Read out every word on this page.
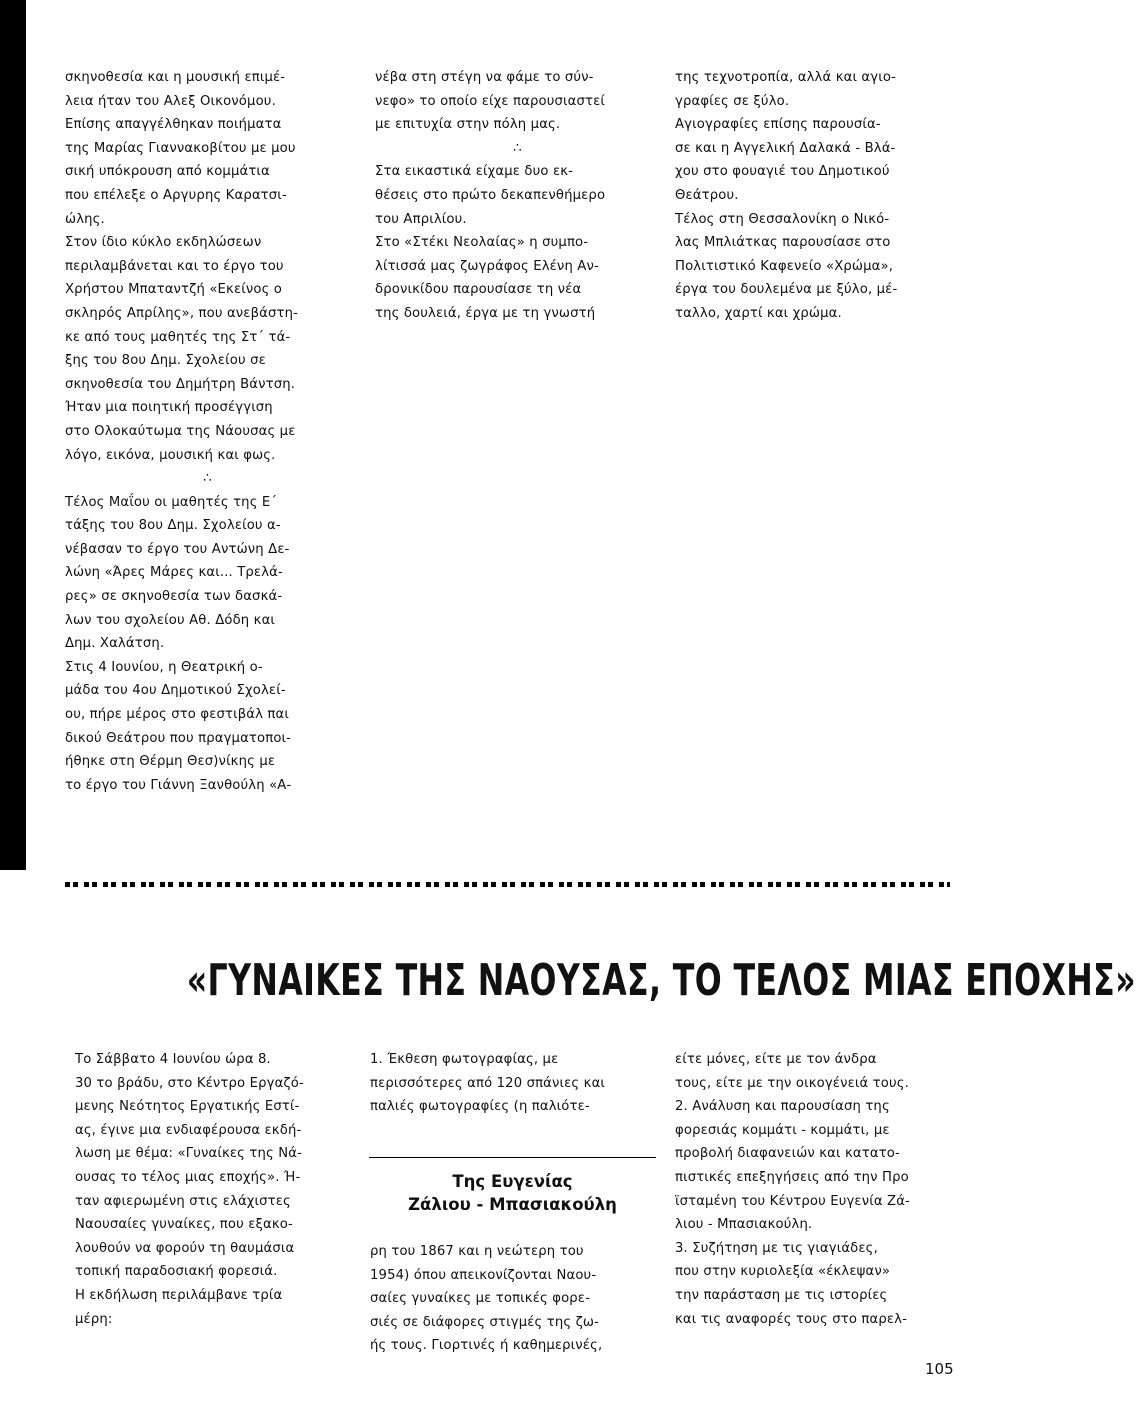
σκηνοθεσία και η μουσική επιμέ-

λεια ήταν του Αλεξ Οικονόμου.

Επίσης απαγγέλθηκαν ποιήματα

της Μαρίας Γιαννακοβίτου με μου

σική υπόκρουση από κομμάτια

που επέλεξε ο Αργυρης Καρατσι-

ώλης.

Στον ίδιο κύκλο εκδηλώσεων

περιλαμβάνεται και το έργο του

Χρήστου Μπαταντζή «Εκείνος ο

σκληρός Απρίλης», που ανεβάστη-

κε από τους μαθητές της Στ΄ τά-

ξης του 8ου Δημ. Σχολείου σε

σκηνοθεσία του Δημήτρη Βάντση.

Ήταν μια ποιητική προσέγγιση

στο Ολοκαύτωμα της Νάουσας με

λόγο, εικόνα, μουσική και φως.

∴

Τέλος Μαΐου οι μαθητές της Ε΄

τάξης του 8ου Δημ. Σχολείου α-

νέβασαν το έργο του Αντώνη Δε-

λώνη «Άρες Μάρες και... Τρελά-

ρες» σε σκηνοθεσία των δασκά-

λων του σχολείου Αθ. Δόδη και

Δημ. Χαλάτση.

Στις 4 Ιουνίου, η Θεατρική ο-

μάδα του 4ου Δημοτικού Σχολεί-

ου, πήρε μέρος στο φεστιβάλ παι

δικού Θεάτρου που πραγματοποι-

ήθηκε στη Θέρμη Θεσ)νίκης με

το έργο του Γιάννη Ξανθούλη «Α-

νέβα στη στέγη να φάμε το σύν-

νεφο» το οποίο είχε παρουσιαστεί

με επιτυχία στην πόλη μας.

∴

Στα εικαστικά είχαμε δυο εκ-

θέσεις στο πρώτο δεκαπενθήμερο

του Απριλίου.

Στο «Στέκι Νεολαίας» η συμπο-

λίτισσά μας ζωγράφος Ελένη Αν-

δρονικίδου παρουσίασε τη νέα

της δουλειά, έργα με τη γνωστή

της τεχνοτροπία, αλλά και αγιο-

γραφίες σε ξύλο.

Αγιογραφίες επίσης παρουσία-

σε και η Αγγελική Δαλακά - Βλά-

χου στο φουαγιέ του Δημοτικού

Θεάτρου.

Τέλος στη Θεσσαλονίκη ο Νικό-

λας Μπλιάτκας παρουσίασε στο

Πολιτιστικό Καφενείο «Χρώμα»,

έργα του δουλεμένα με ξύλο, μέ-

ταλλο, χαρτί και χρώμα.

«ΓΥΝΑΙΚΕΣ ΤΗΣ ΝΑΟΥΣΑΣ, ΤΟ ΤΕΛΟΣ ΜΙΑΣ ΕΠΟΧΗΣ»

Το Σάββατο 4 Ιουνίου ώρα 8.

30 το βράδυ, στο Κέντρο Εργαζό-

μενης Νεότητος Εργατικής Εστί-

ας, έγινε μια ενδιαφέρουσα εκδή-

λωση με θέμα: «Γυναίκες της Νά-

ουσας το τέλος μιας εποχής». Ή-

ταν αφιερωμένη στις ελάχιστες

Ναουσαίες γυναίκες, που εξακο-

λουθούν να φορούν τη θαυμάσια

τοπική παραδοσιακή φορεσιά.

Η εκδήλωση περιλάμβανε τρία

μέρη:

1. Έκθεση φωτογραφίας, με

περισσότερες από 120 σπάνιες και

παλιές φωτογραφίες (η παλιότε-

Της Ευγενίας
Ζάλιου - Μπασιακούλη

ρη του 1867 και η νεώτερη του

1954) όπου απεικονίζονται Ναου-

σαίες γυναίκες με τοπικές φορε-

σιές σε διάφορες στιγμές της ζω-

ής τους. Γιορτινές ή καθημερινές,

είτε μόνες, είτε με τον άνδρα

τους, είτε με την οικογένειά τους.

2. Ανάλυση και παρουσίαση της

φορεσιάς κομμάτι - κομμάτι, με

προβολή διαφανειών και κατατο-

πιστικές επεξηγήσεις από την Προ

ϊσταμένη του Κέντρου Ευγενία Ζά-

λιου - Μπασιακούλη.

3. Συζήτηση με τις γιαγιάδες,

που στην κυριολεξία «έκλεψαν»

την παράσταση με τις ιστορίες

και τις αναφορές τους στο παρελ-

105
